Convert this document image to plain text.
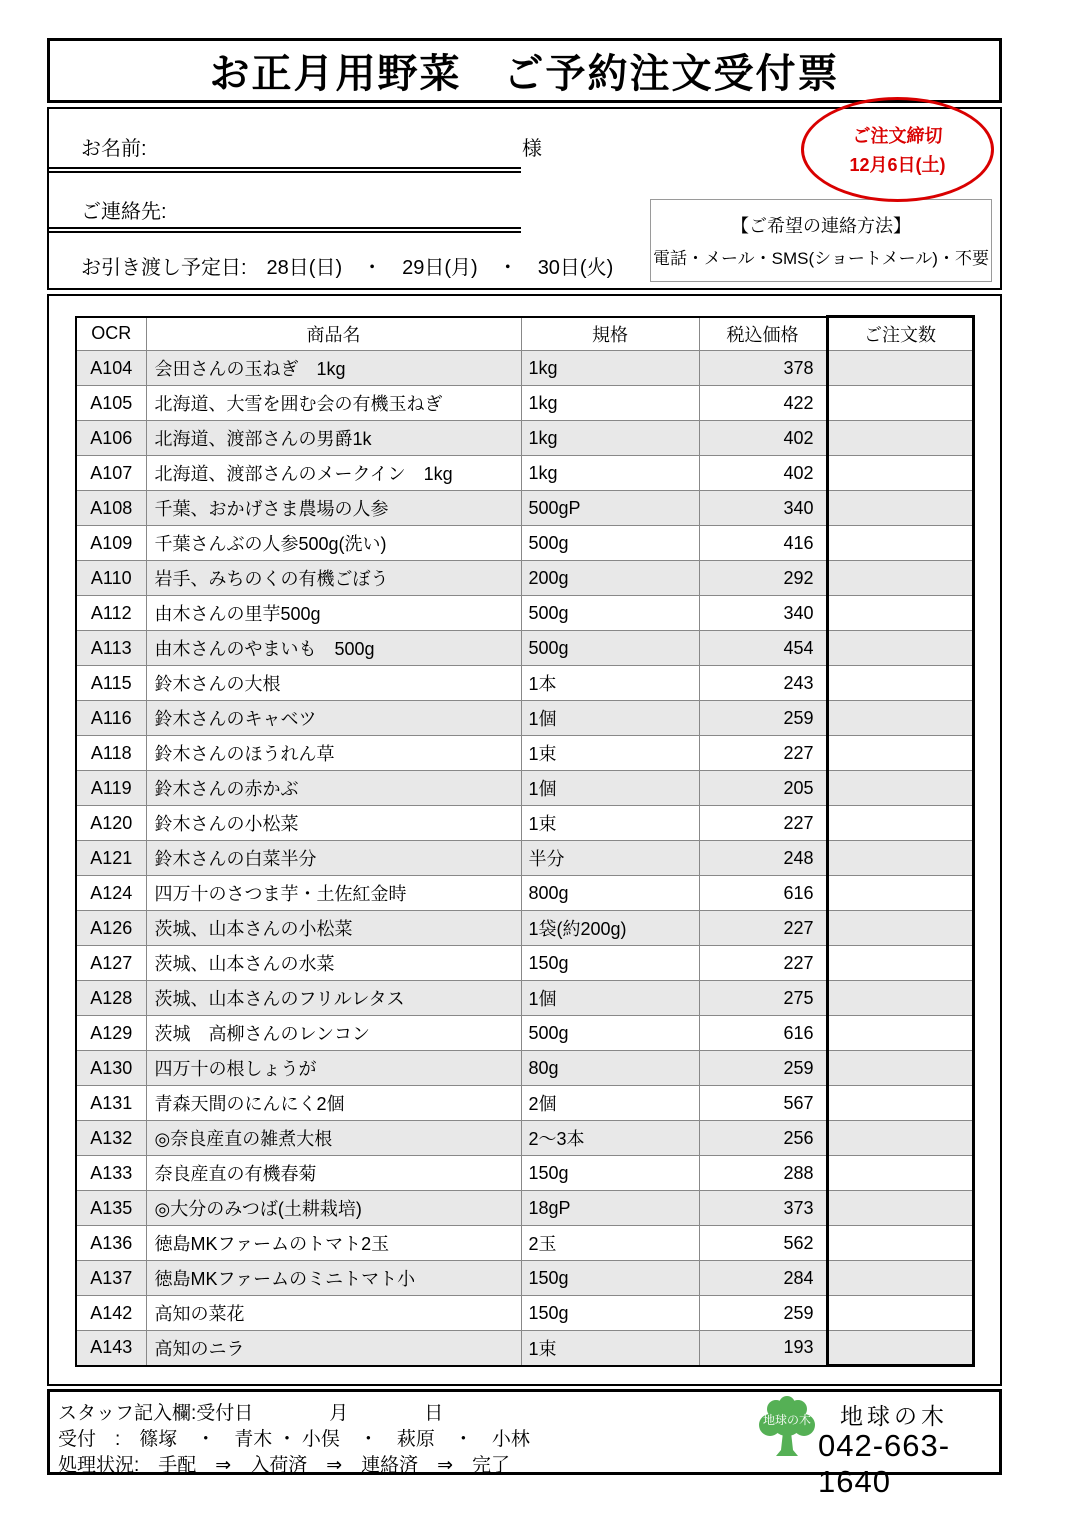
お正月用野菜　ご予約注文受付票
お名前:	様
ご連絡先:
お引き渡し予定日:　28日(日)　・　29日(月)　・　30日(火)
【ご希望の連絡方法】
電話・メール・SMS(ショートメール)・不要
ご注文締切
12月6日(土)
OCR	商品名	規格	税込価格	ご注文数
A104	会田さんの玉ねぎ　1kg	1kg	378	
A105	北海道、大雪を囲む会の有機玉ねぎ	1kg	422	
A106	北海道、渡部さんの男爵1k	1kg	402	
A107	北海道、渡部さんのメークイン　1kg	1kg	402	
A108	千葉、おかげさま農場の人参	500gP	340	
A109	千葉さんぶの人参500g(洗い)	500g	416	
A110	岩手、みちのくの有機ごぼう	200g	292	
A112	由木さんの里芋500g	500g	340	
A113	由木さんのやまいも　500g	500g	454	
A115	鈴木さんの大根	1本	243	
A116	鈴木さんのキャベツ	1個	259	
A118	鈴木さんのほうれん草	1束	227	
A119	鈴木さんの赤かぶ	1個	205	
A120	鈴木さんの小松菜	1束	227	
A121	鈴木さんの白菜半分	半分	248	
A124	四万十のさつま芋・土佐紅金時	800g	616	
A126	茨城、山本さんの小松菜	1袋(約200g)	227	
A127	茨城、山本さんの水菜	150g	227	
A128	茨城、山本さんのフリルレタス	1個	275	
A129	茨城　高柳さんのレンコン	500g	616	
A130	四万十の根しょうが	80g	259	
A131	青森天間のにんにく2個	2個	567	
A132	◎奈良産直の雑煮大根	2～3本	256	
A133	奈良産直の有機春菊	150g	288	
A135	◎大分のみつば(土耕栽培)	18gP	373	
A136	徳島MKファームのトマト2玉	2玉	562	
A137	徳島MKファームのミニトマト小	150g	284	
A142	高知の菜花	150g	259	
A143	高知のニラ	1束	193	
スタッフ記入欄:受付日　　　　月　　　　日
受付　:　篠塚　・　青木 ・ 小俣　・　萩原　・　小林
処理状況:　手配　⇒　入荷済　⇒　連絡済　⇒　完了
地球の木 地球の木
042-663-1640
